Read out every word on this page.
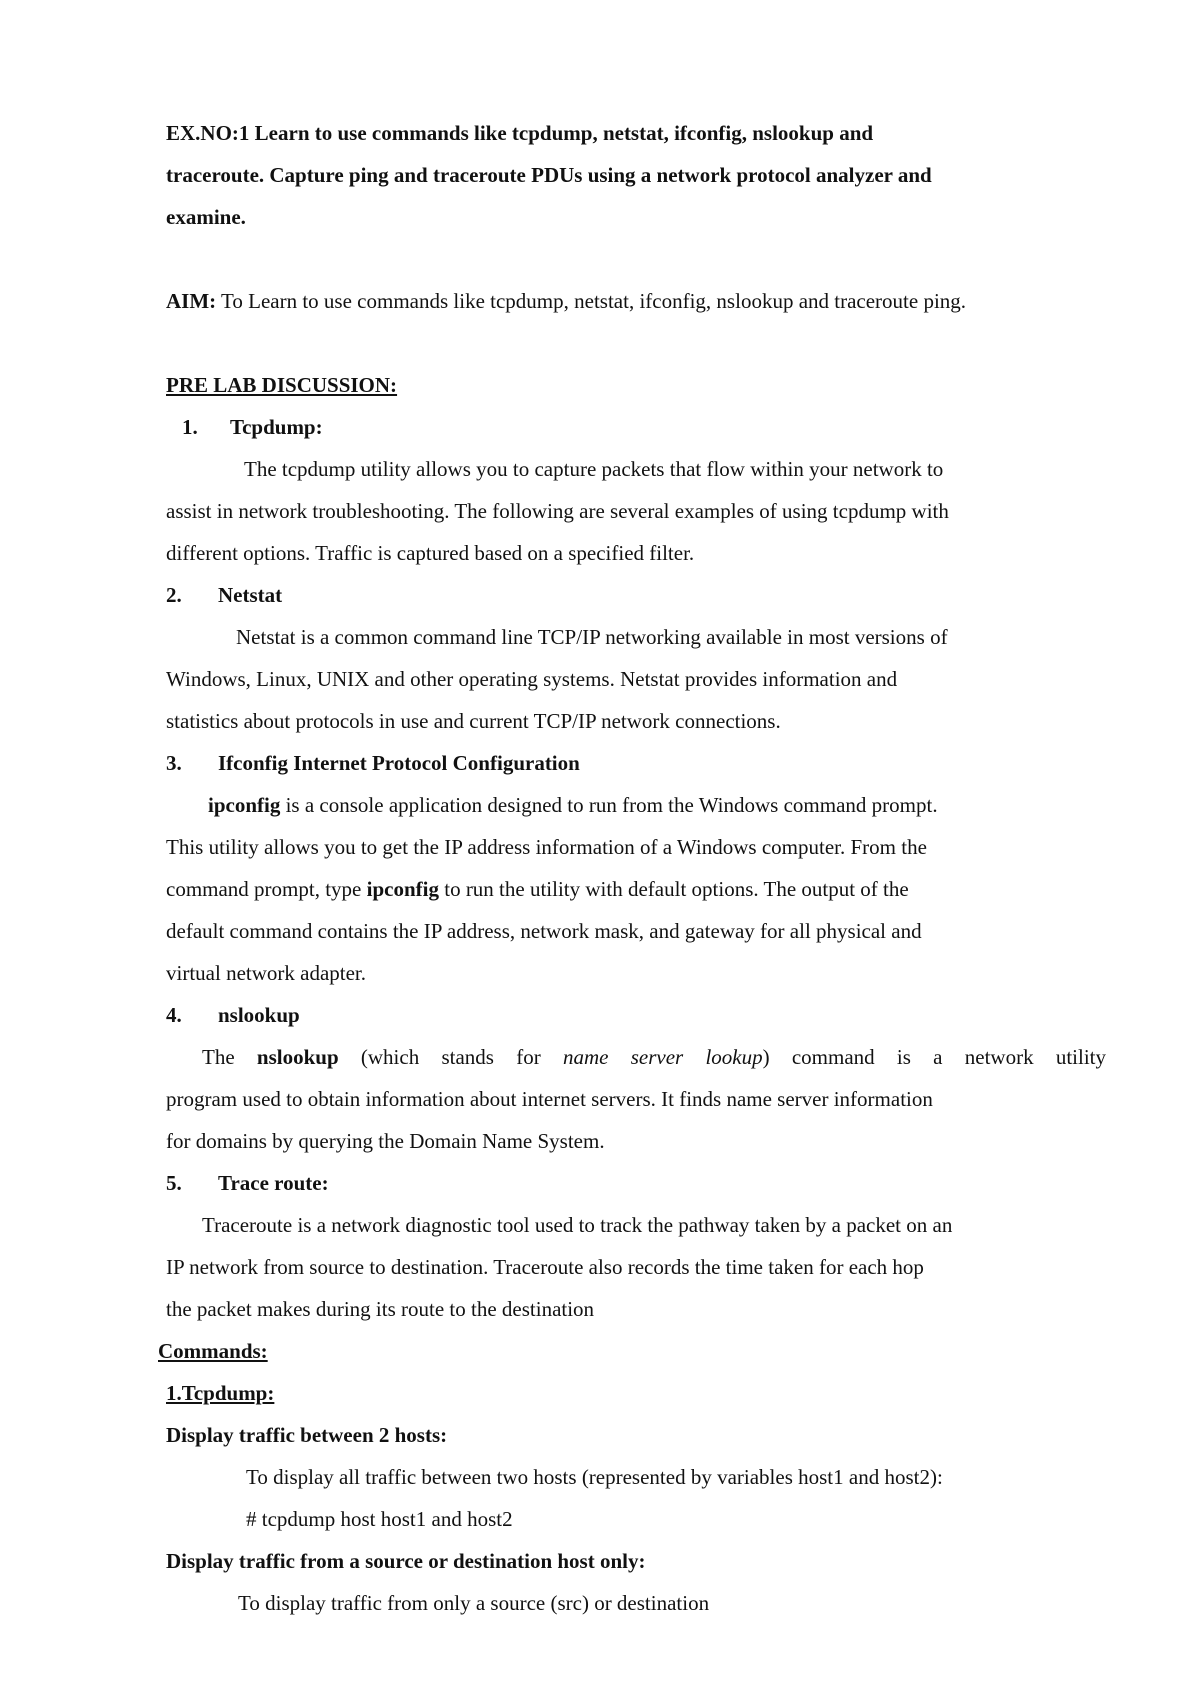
EX.NO:1 Learn to use commands like tcpdump, netstat, ifconfig, nslookup and
traceroute. Capture ping and traceroute PDUs using a network protocol analyzer and
examine.
AIM: To Learn to use commands like tcpdump, netstat, ifconfig, nslookup and traceroute ping.
PRE LAB DISCUSSION:
1. Tcpdump:
The tcpdump utility allows you to capture packets that flow within your network to
assist in network troubleshooting. The following are several examples of using tcpdump with
different options. Traffic is captured based on a specified filter.
2. Netstat
Netstat is a common command line TCP/IP networking available in most versions of
Windows, Linux, UNIX and other operating systems. Netstat provides information and
statistics about protocols in use and current TCP/IP network connections.
3. Ifconfig Internet Protocol Configuration
ipconfig is a console application designed to run from the Windows command prompt.
This utility allows you to get the IP address information of a Windows computer. From the
command prompt, type ipconfig to run the utility with default options. The output of the
default command contains the IP address, network mask, and gateway for all physical and
virtual network adapter.
4. nslookup
The nslookup (which stands for name server lookup) command is a network utility
program used to obtain information about internet servers. It finds name server information
for domains by querying the Domain Name System.
5. Trace route:
Traceroute is a network diagnostic tool used to track the pathway taken by a packet on an
IP network from source to destination. Traceroute also records the time taken for each hop
the packet makes during its route to the destination
Commands:
1.Tcpdump:
Display traffic between 2 hosts:
To display all traffic between two hosts (represented by variables host1 and host2):
# tcpdump host host1 and host2
Display traffic from a source or destination host only:
To display traffic from only a source (src) or destination
